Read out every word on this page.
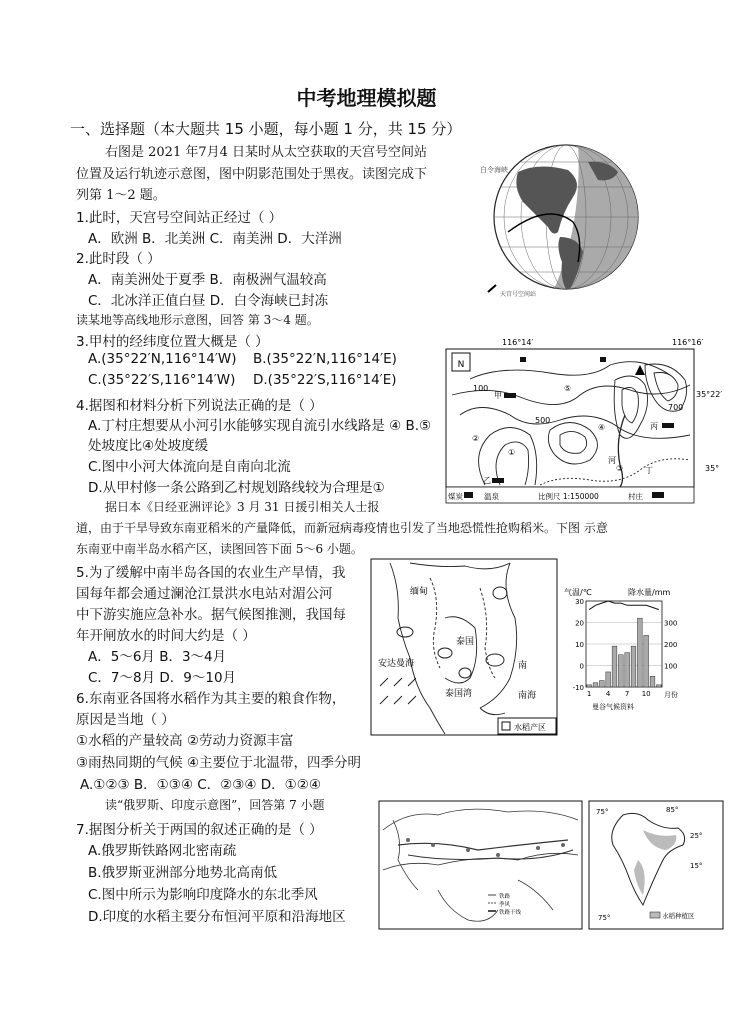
中考地理模拟题
一、选择题（本大题共 15 小题，每小题 1 分，共 15 分）
右图是 2021 年7月4 日某时从太空获取的天宫号空间站
位置及运行轨迹示意图，图中阴影范围处于黑夜。读图完成下
列第 1～2 题。
1.此时，天宫号空间站正经过（ ）
A．欧洲 B．北美洲 C．南美洲 D．大洋洲
2.此时段（ ）
A．南美洲处于夏季 B．南极洲气温较高
C．北冰洋正值白昼 D．白令海峡已封冻
读某地等高线地形示意图，回答 第 3～4 题。
白令海峡
天宫号空间站
3.甲村的经纬度位置大概是（ ）
A.(35°22′N,116°14′W) B.(35°22′N,116°14′E)
C.(35°22′S,116°14′W) D.(35°22′S,116°14′E)
4.据图和材料分析下列说法正确的是（ ）
A.丁村庄想要从小河引水能够实现自流引水线路是 ④ B.⑤
处坡度比④处坡度缓
C.图中小河大体流向是自南向北流
D.从甲村修一条公路到乙村规划路线较为合理是①
116°14′	116°16′
35°22′
35°
N
100
500
700
甲
乙
丙
丁
河
②
①
⑤
③
④
煤炭	温泉	比例尺 1:150000	村庄
据日本《日经亚洲评论》3 月 31 日援引相关人士报
道，由于干旱导致东南亚稻米的产量降低，而新冠病毒疫情也引发了当地恐慌性抢购稻米。下图 示意
东南亚中南半岛水稻产区，读图回答下面 5～6 小题。
5.为了缓解中南半岛各国的农业生产旱情，我
国每年都会通过澜沧江景洪水电站对湄公河
中下游实施应急补水。据气候图推测，我国每
年开闸放水的时间大约是（ ）
A．5～6月 B．3～4月
C．7～8月 D．9～10月
6.东南亚各国将水稻作为其主要的粮食作物，
原因是当地（ ）
①水稻的产量较高 ②劳动力资源丰富
③雨热同期的气候 ④主要位于北温带，四季分明
A.①②③ B．①③④ C．②③④ D．①②④
缅甸
泰国
安达曼海
泰国湾
南
南海
水稻产区
气温/℃	降水量/mm
30
20
10
0
-10
300
200
100
1 4 7 10 月份
曼谷气候资料
读“俄罗斯、印度示意图”，回答第 7 小题
7.据图分析关于两国的叙述正确的是（ ）
A.俄罗斯铁路网北密南疏
B.俄罗斯亚洲部分地势北高南低
C.图中所示为影响印度降水的东北季风
D.印度的水稻主要分布恒河平原和沿海地区
铁路
季风
铁路干线
75°	85°
25°
15°
75°	水稻种植区
